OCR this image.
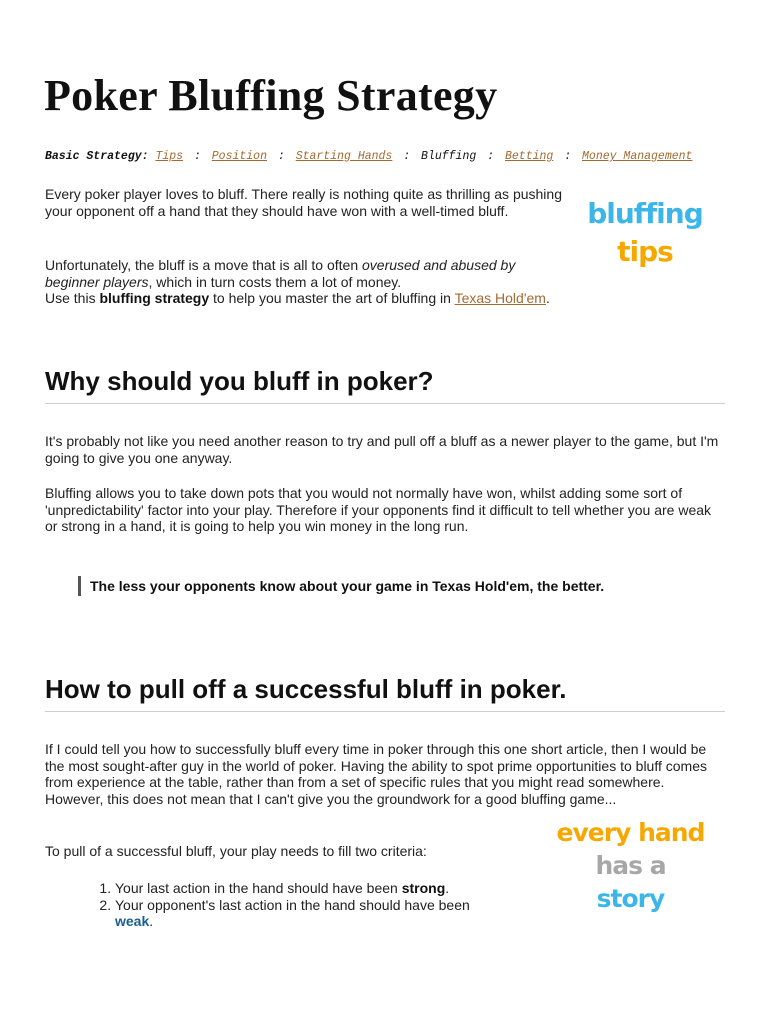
Poker Bluffing Strategy
Basic Strategy: Tips : Position : Starting Hands : Bluffing : Betting : Money Management

Every poker player loves to bluff. There really is nothing quite as thrilling as pushing your opponent off a hand that they should have won with a well-timed bluff.

Unfortunately, the bluff is a move that is all to often overused and abused by beginner players, which in turn costs them a lot of money.

Use this bluffing strategy to help you master the art of bluffing in Texas Hold'em.

bluffing
tips
Why should you bluff in poker?

It's probably not like you need another reason to try and pull off a bluff as a newer player to the game, but I'm going to give you one anyway.

Bluffing allows you to take down pots that you would not normally have won, whilst adding some sort of 'unpredictability' factor into your play. Therefore if your opponents find it difficult to tell whether you are weak or strong in a hand, it is going to help you win money in the long run.

The less your opponents know about your game in Texas Hold'em, the better.
How to pull off a successful bluff in poker.

If I could tell you how to successfully bluff every time in poker through this one short article, then I would be the most sought-after guy in the world of poker. Having the ability to spot prime opportunities to bluff comes from experience at the table, rather than from a set of specific rules that you might read somewhere. However, this does not mean that I can't give you the groundwork for a good bluffing game...

To pull of a successful bluff, your play needs to fill two criteria:

1. Your last action in the hand should have been strong.
2. Your opponent's last action in the hand should have been weak.
every hand
has a
story
